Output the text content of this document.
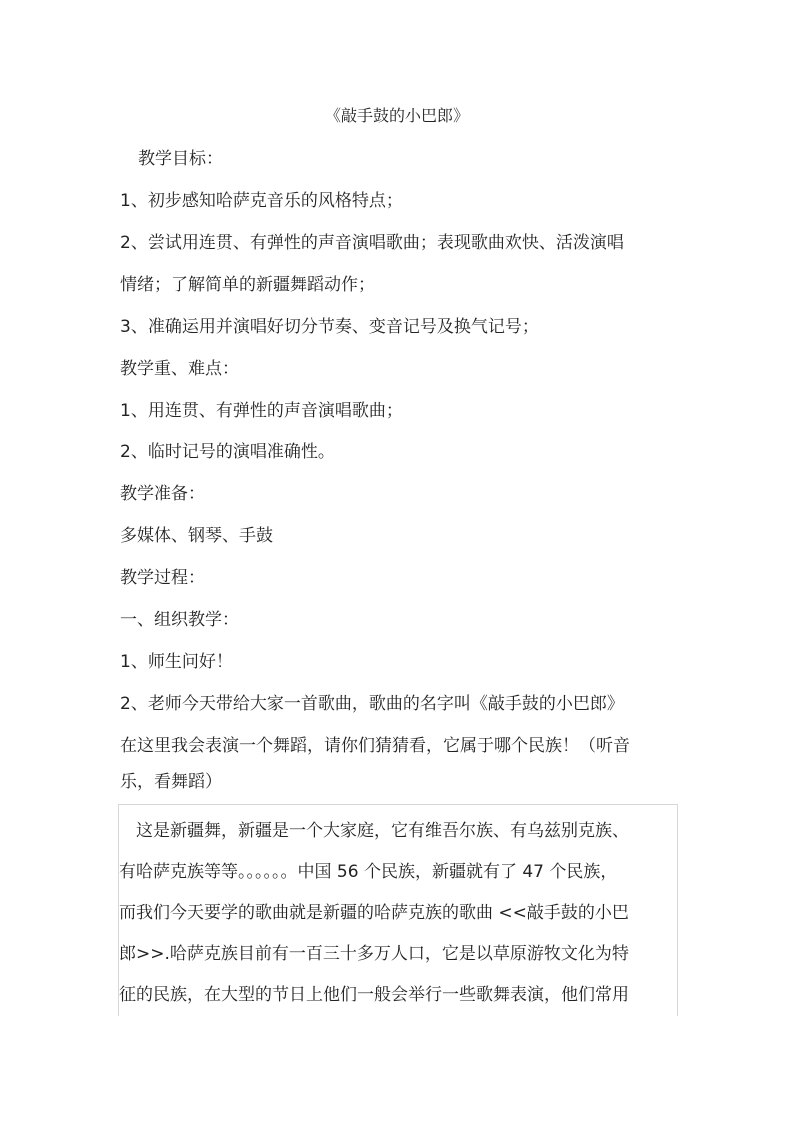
《敲手鼓的小巴郎》
教学目标：
1、初步感知哈萨克音乐的风格特点；
2、尝试用连贯、有弹性的声音演唱歌曲；表现歌曲欢快、活泼演唱
情绪；了解简单的新疆舞蹈动作；
3、准确运用并演唱好切分节奏、变音记号及换气记号；
教学重、难点：
1、用连贯、有弹性的声音演唱歌曲；
2、临时记号的演唱准确性。
教学准备：
多媒体、钢琴、手鼓
教学过程：
一、组织教学：
1、师生问好！
2、老师今天带给大家一首歌曲，歌曲的名字叫《敲手鼓的小巴郎》
在这里我会表演一个舞蹈，请你们猜猜看，它属于哪个民族！（听音
乐，看舞蹈）
　这是新疆舞，新疆是一个大家庭，它有维吾尔族、有乌兹别克族、
有哈萨克族等等。。。。。。中国 56 个民族，新疆就有了 47 个民族，
而我们今天要学的歌曲就是新疆的哈萨克族的歌曲 <<敲手鼓的小巴
郎>>.哈萨克族目前有一百三十多万人口，它是以草原游牧文化为特
征的民族，在大型的节日上他们一般会举行一些歌舞表演，他们常用
